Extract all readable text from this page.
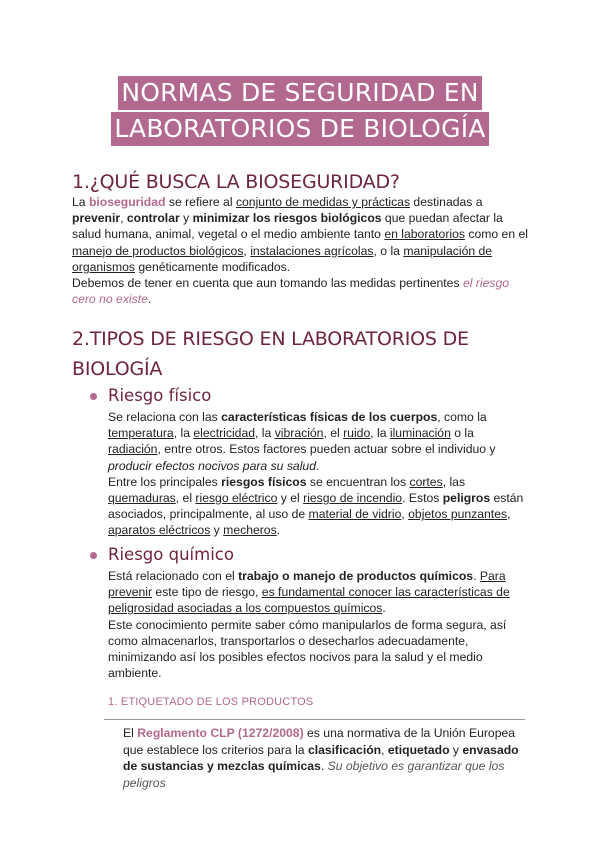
NORMAS DE SEGURIDAD EN
LABORATORIOS DE BIOLOGÍA
1.¿QUÉ BUSCA LA BIOSEGURIDAD?
La bioseguridad se refiere al conjunto de medidas y prácticas destinadas a prevenir, controlar y minimizar los riesgos biológicos que puedan afectar la salud humana, animal, vegetal o el medio ambiente tanto en laboratorios como en el manejo de productos biológicos, instalaciones agrícolas, o la manipulación de organismos genéticamente modificados.
Debemos de tener en cuenta que aun tomando las medidas pertinentes el riesgo cero no existe.
2.TIPOS DE RIESGO EN LABORATORIOS DE BIOLOGÍA
Riesgo físico
Se relaciona con las características físicas de los cuerpos, como la temperatura, la electricidad, la vibración, el ruido, la iluminación o la radiación, entre otros. Estos factores pueden actuar sobre el individuo y producir efectos nocivos para su salud.
Entre los principales riesgos físicos se encuentran los cortes, las quemaduras, el riesgo eléctrico y el riesgo de incendio. Estos peligros están asociados, principalmente, al uso de material de vidrio, objetos punzantes, aparatos eléctricos y mecheros.
Riesgo químico
Está relacionado con el trabajo o manejo de productos químicos. Para prevenir este tipo de riesgo, es fundamental conocer las características de peligrosidad asociadas a los compuestos químicos.
Este conocimiento permite saber cómo manipularlos de forma segura, así como almacenarlos, transportarlos o desecharlos adecuadamente, minimizando así los posibles efectos nocivos para la salud y el medio ambiente.
1. ETIQUETADO DE LOS PRODUCTOS
El Reglamento CLP (1272/2008) es una normativa de la Unión Europea que establece los criterios para la clasificación, etiquetado y envasado de sustancias y mezclas químicas. Su objetivo es garantizar que los peligros
